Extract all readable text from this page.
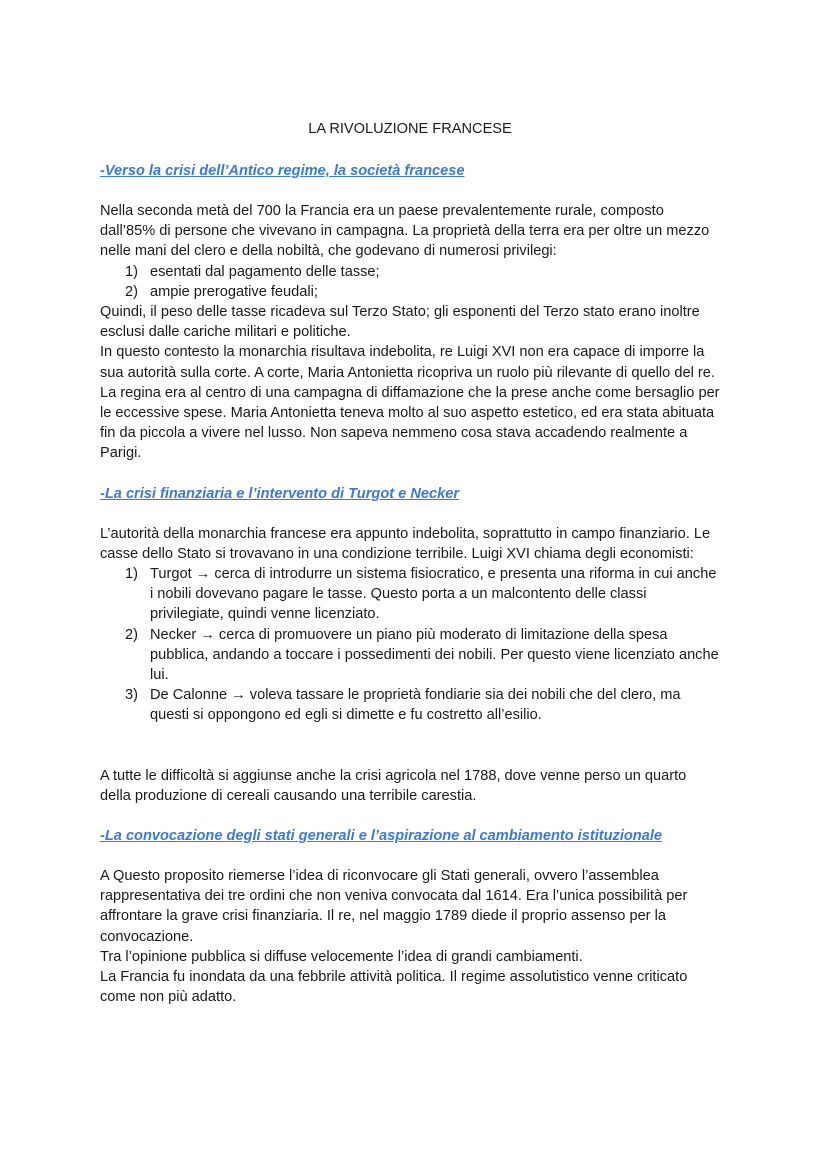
LA RIVOLUZIONE FRANCESE
-Verso la crisi dell’Antico regime, la società francese

Nella seconda metà del 700 la Francia era un paese prevalentemente rurale, composto dall’85% di persone che vivevano in campagna. La proprietà della terra era per oltre un mezzo nelle mani del clero e della nobiltà, che godevano di numerosi privilegi:

1) esentati dal pagamento delle tasse;
2) ampie prerogative feudali;

Quindi, il peso delle tasse ricadeva sul Terzo Stato; gli esponenti del Terzo stato erano inoltre esclusi dalle cariche militari e politiche.

In questo contesto la monarchia risultava indebolita, re Luigi XVI non era capace di imporre la sua autorità sulla corte. A corte, Maria Antonietta ricopriva un ruolo più rilevante di quello del re. La regina era al centro di una campagna di diffamazione che la prese anche come bersaglio per le eccessive spese. Maria Antonietta teneva molto al suo aspetto estetico, ed era stata abituata fin da piccola a vivere nel lusso. Non sapeva nemmeno cosa stava accadendo realmente a Parigi.

-La crisi finanziaria e l’intervento di Turgot e Necker

L’autorità della monarchia francese era appunto indebolita, soprattutto in campo finanziario. Le casse dello Stato si trovavano in una condizione terribile. Luigi XVI chiama degli economisti:

1) Turgot → cerca di introdurre un sistema fisiocratico, e presenta una riforma in cui anche i nobili dovevano pagare le tasse. Questo porta a un malcontento delle classi privilegiate, quindi venne licenziato.
2) Necker → cerca di promuovere un piano più moderato di limitazione della spesa pubblica, andando a toccare i possedimenti dei nobili. Per questo viene licenziato anche lui.
3) De Calonne → voleva tassare le proprietà fondiarie sia dei nobili che del clero, ma questi si oppongono ed egli si dimette e fu costretto all’esilio.

A tutte le difficoltà si aggiunse anche la crisi agricola nel 1788, dove venne perso un quarto della produzione di cereali causando una terribile carestia.

-La convocazione degli stati generali e l’aspirazione al cambiamento istituzionale

A Questo proposito riemerse l’idea di riconvocare gli Stati generali, ovvero l’assemblea rappresentativa dei tre ordini che non veniva convocata dal 1614. Era l’unica possibilità per affrontare la grave crisi finanziaria. Il re, nel maggio 1789 diede il proprio assenso per la convocazione.

Tra l’opinione pubblica si diffuse velocemente l’idea di grandi cambiamenti.

La Francia fu inondata da una febbrile attività politica. Il regime assolutistico venne criticato come non più adatto.
